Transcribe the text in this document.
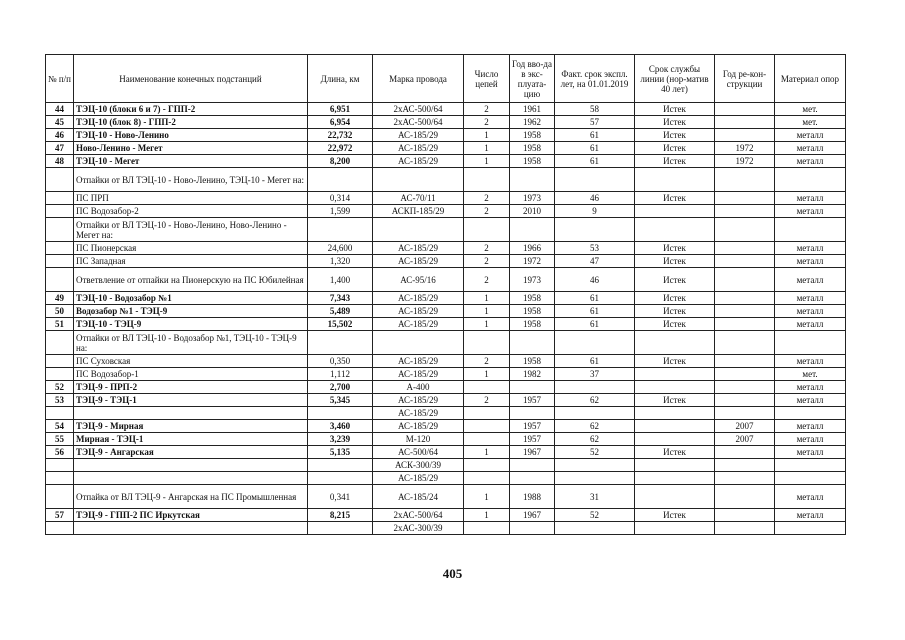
№ п/п	Наименование конечных подстанций	Длина, км	Марка провода	Число цепей	Год вво-да в экс-плуата-цию	Факт. срок экспл. лет, на 01.01.2019	Срок службы линии (нор-матив 40 лет)	Год ре-кон-струкции	Материал опор
44	ТЭЦ-10 (блоки 6 и 7) - ГПП-2	6,951	2хАС-500/64	2	1961	58	Истек		мет.
45	ТЭЦ-10 (блок 8) - ГПП-2	6,954	2хАС-500/64	2	1962	57	Истек		мет.
46	ТЭЦ-10 - Ново-Ленино	22,732	АС-185/29	1	1958	61	Истек		металл
47	Ново-Ленино - Мегет	22,972	АС-185/29	1	1958	61	Истек	1972	металл
48	ТЭЦ-10 - Мегет	8,200	АС-185/29	1	1958	61	Истек	1972	металл
	Отпайки от ВЛ ТЭЦ-10 - Ново-Ленино, ТЭЦ-10 - Мегет на:								
	ПС ПРП	0,314	АС-70/11	2	1973	46	Истек		металл
	ПС Водозабор-2	1,599	АСКП-185/29	2	2010	9			металл
	Отпайки от ВЛ ТЭЦ-10 - Ново-Ленино, Ново-Ленино - Мегет на:								
	ПС Пионерская	24,600	АС-185/29	2	1966	53	Истек		металл
	ПС Западная	1,320	АС-185/29	2	1972	47	Истек		металл
	Ответвление от отпайки на Пионерскую на ПС Юбилейная	1,400	АС-95/16	2	1973	46	Истек		металл
49	ТЭЦ-10 - Водозабор №1	7,343	АС-185/29	1	1958	61	Истек		металл
50	Водозабор №1 - ТЭЦ-9	5,489	АС-185/29	1	1958	61	Истек		металл
51	ТЭЦ-10 - ТЭЦ-9	15,502	АС-185/29	1	1958	61	Истек		металл
	Отпайки от ВЛ ТЭЦ-10 - Водозабор №1, ТЭЦ-10 - ТЭЦ-9 на:								
	ПС Суховская	0,350	АС-185/29	2	1958	61	Истек		металл
	ПС Водозабор-1	1,112	АС-185/29	1	1982	37			мет.
52	ТЭЦ-9 - ПРП-2	2,700	А-400						металл
53	ТЭЦ-9 - ТЭЦ-1	5,345	АС-185/29	2	1957	62	Истек		металл
			АС-185/29						
54	ТЭЦ-9 - Мирная	3,460	АС-185/29		1957	62		2007	металл
55	Мирная - ТЭЦ-1	3,239	М-120		1957	62		2007	металл
56	ТЭЦ-9 - Ангарская	5,135	АС-500/64	1	1967	52	Истек		металл
			АСК-300/39						
			АС-185/29						
	Отпайка от ВЛ ТЭЦ-9 - Ангарская на ПС Промышленная	0,341	АС-185/24	1	1988	31			металл
57	ТЭЦ-9 - ГПП-2 ПС Иркутская	8,215	2хАС-500/64	1	1967	52	Истек		металл
			2хАС-300/39						
405
